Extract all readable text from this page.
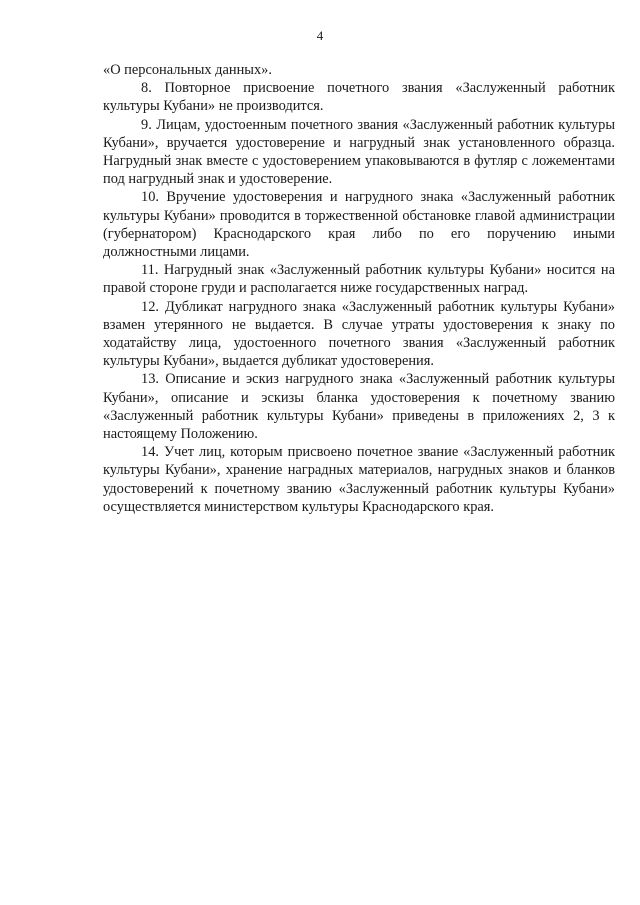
4

«О персональных данных».

8. Повторное присвоение почетного звания «Заслуженный работник культуры Кубани» не производится.

9. Лицам, удостоенным почетного звания «Заслуженный работник культуры Кубани», вручается удостоверение и нагрудный знак установленного образца. Нагрудный знак вместе с удостоверением упаковываются в футляр с ложементами под нагрудный знак и удостоверение.

10. Вручение удостоверения и нагрудного знака «Заслуженный работник культуры Кубани» проводится в торжественной обстановке главой администрации (губернатором) Краснодарского края либо по его поручению иными должностными лицами.

11. Нагрудный знак «Заслуженный работник культуры Кубани» носится на правой стороне груди и располагается ниже государственных наград.

12. Дубликат нагрудного знака «Заслуженный работник культуры Кубани» взамен утерянного не выдается. В случае утраты удостоверения к знаку по ходатайству лица, удостоенного почетного звания «Заслуженный работник культуры Кубани», выдается дубликат удостоверения.

13. Описание и эскиз нагрудного знака «Заслуженный работник культуры Кубани», описание и эскизы бланка удостоверения к почетному званию «Заслуженный работник культуры Кубани» приведены в приложениях 2, 3 к настоящему Положению.

14. Учет лиц, которым присвоено почетное звание «Заслуженный работник культуры Кубани», хранение наградных материалов, нагрудных знаков и бланков удостоверений к почетному званию «Заслуженный работник культуры Кубани» осуществляется министерством культуры Краснодарского края.
